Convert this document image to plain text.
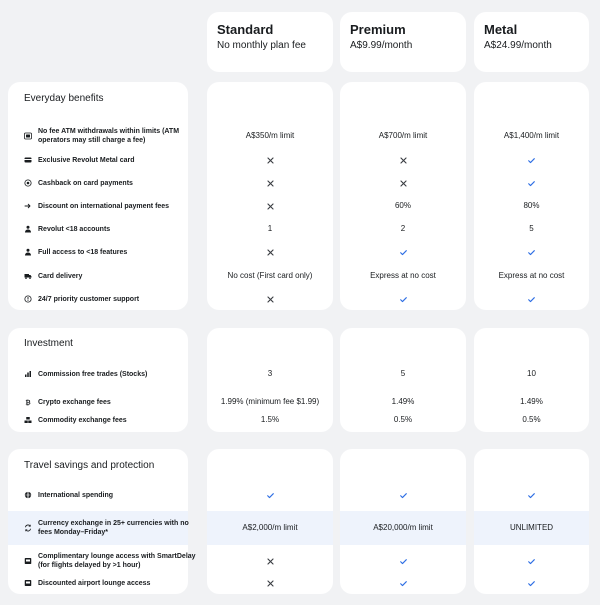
Standard
No monthly plan fee
Premium
A$9.99/month
Metal
A$24.99/month
Everyday benefits
No fee ATM withdrawals within limits (ATM operators may still charge a fee)
Exclusive Revolut Metal card
Cashback on card payments
Discount on international payment fees
Revolut <18 accounts
Full access to <18 features
Card delivery
24/7 priority customer support
A$350/m limit
1
No cost (First card only)
A$700/m limit
60%
2
Express at no cost
A$1,400/m limit
80%
5
Express at no cost
Investment
Commission free trades (Stocks)
₿ Crypto exchange fees
Commodity exchange fees
3
1.99% (minimum fee $1.99)
1.5%
5
1.49%
0.5%
10
1.49%
0.5%
Travel savings and protection
International spending
Currency exchange in 25+ currencies with no fees Monday–Friday*
Complimentary lounge access with SmartDelay (for flights delayed by >1 hour)
Discounted airport lounge access
A$2,000/m limit	A$20,000/m limit	UNLIMITED
